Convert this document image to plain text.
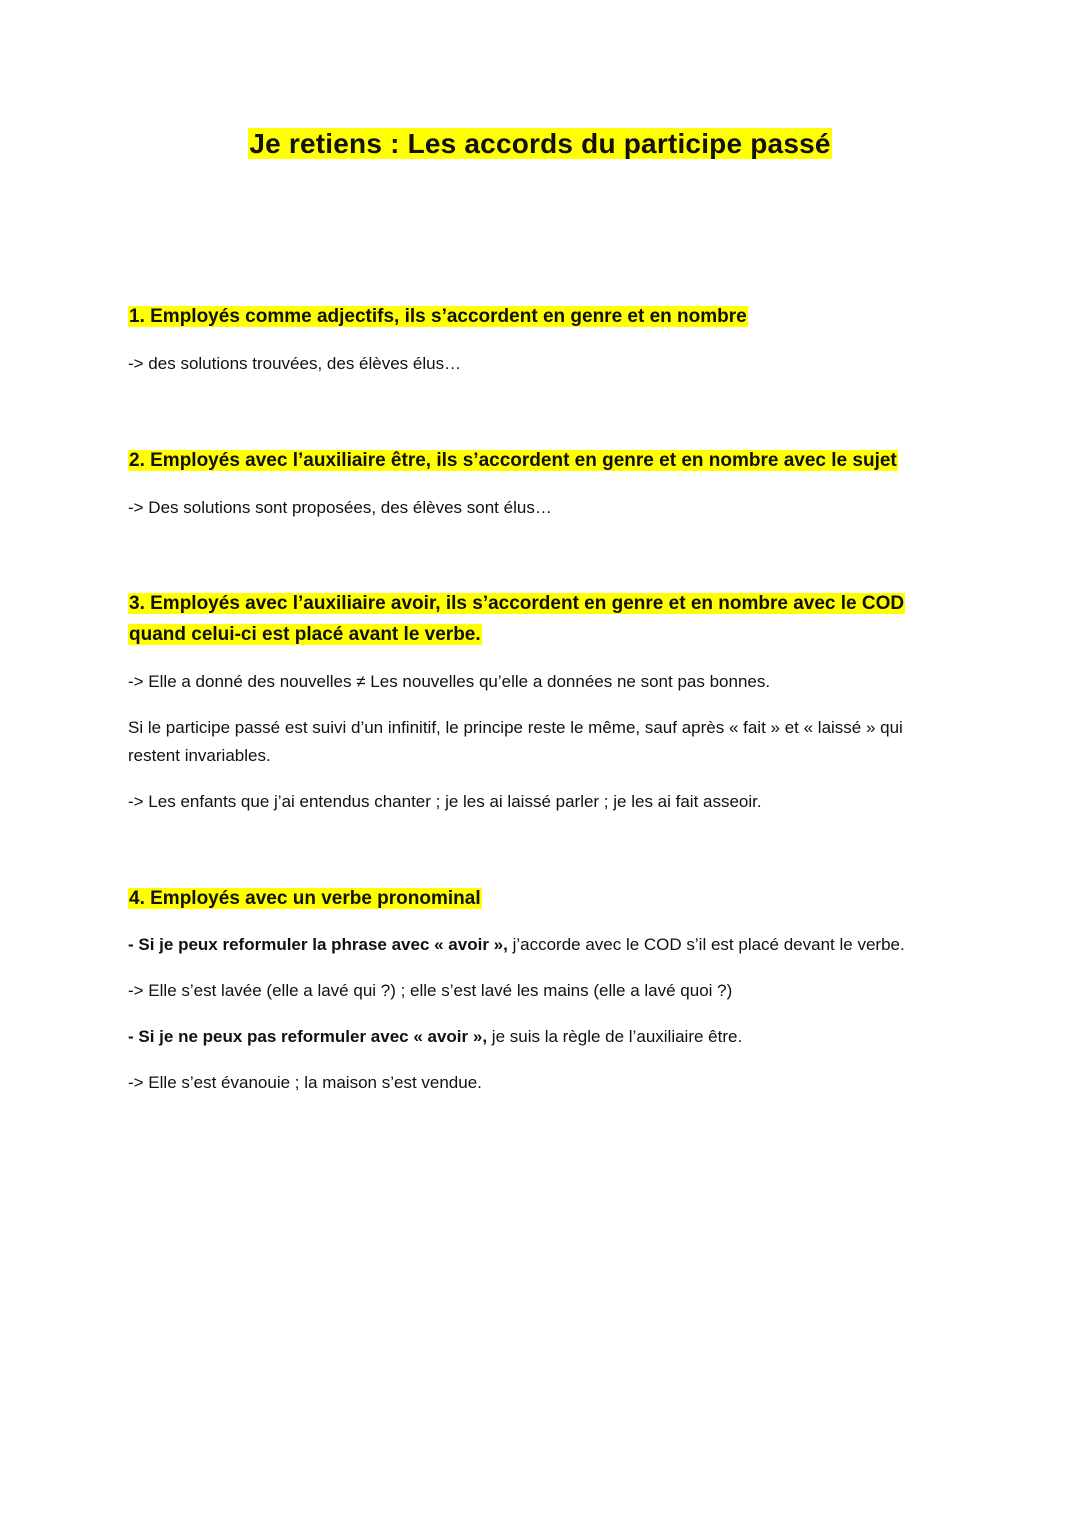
Je retiens : Les accords du participe passé

1. Employés comme adjectifs, ils s’accordent en genre et en nombre

-> des solutions trouvées, des élèves élus…

2. Employés avec l’auxiliaire être, ils s’accordent en genre et en nombre avec le sujet

-> Des solutions sont proposées, des élèves sont élus…

3. Employés avec l’auxiliaire avoir, ils s’accordent en genre et en nombre avec le COD
quand celui-ci est placé avant le verbe.

-> Elle a donné des nouvelles ≠ Les nouvelles qu’elle a données ne sont pas bonnes.

Si le participe passé est suivi d’un infinitif, le principe reste le même, sauf après « fait » et « laissé » qui restent invariables.

-> Les enfants que j’ai entendus chanter ; je les ai laissé parler ; je les ai fait asseoir.

4. Employés avec un verbe pronominal

- Si je peux reformuler la phrase avec « avoir », j’accorde avec le COD s’il est placé devant le verbe.

-> Elle s’est lavée (elle a lavé qui ?) ; elle s’est lavé les mains (elle a lavé quoi ?)

- Si je ne peux pas reformuler avec « avoir », je suis la règle de l’auxiliaire être.

-> Elle s’est évanouie ; la maison s’est vendue.
